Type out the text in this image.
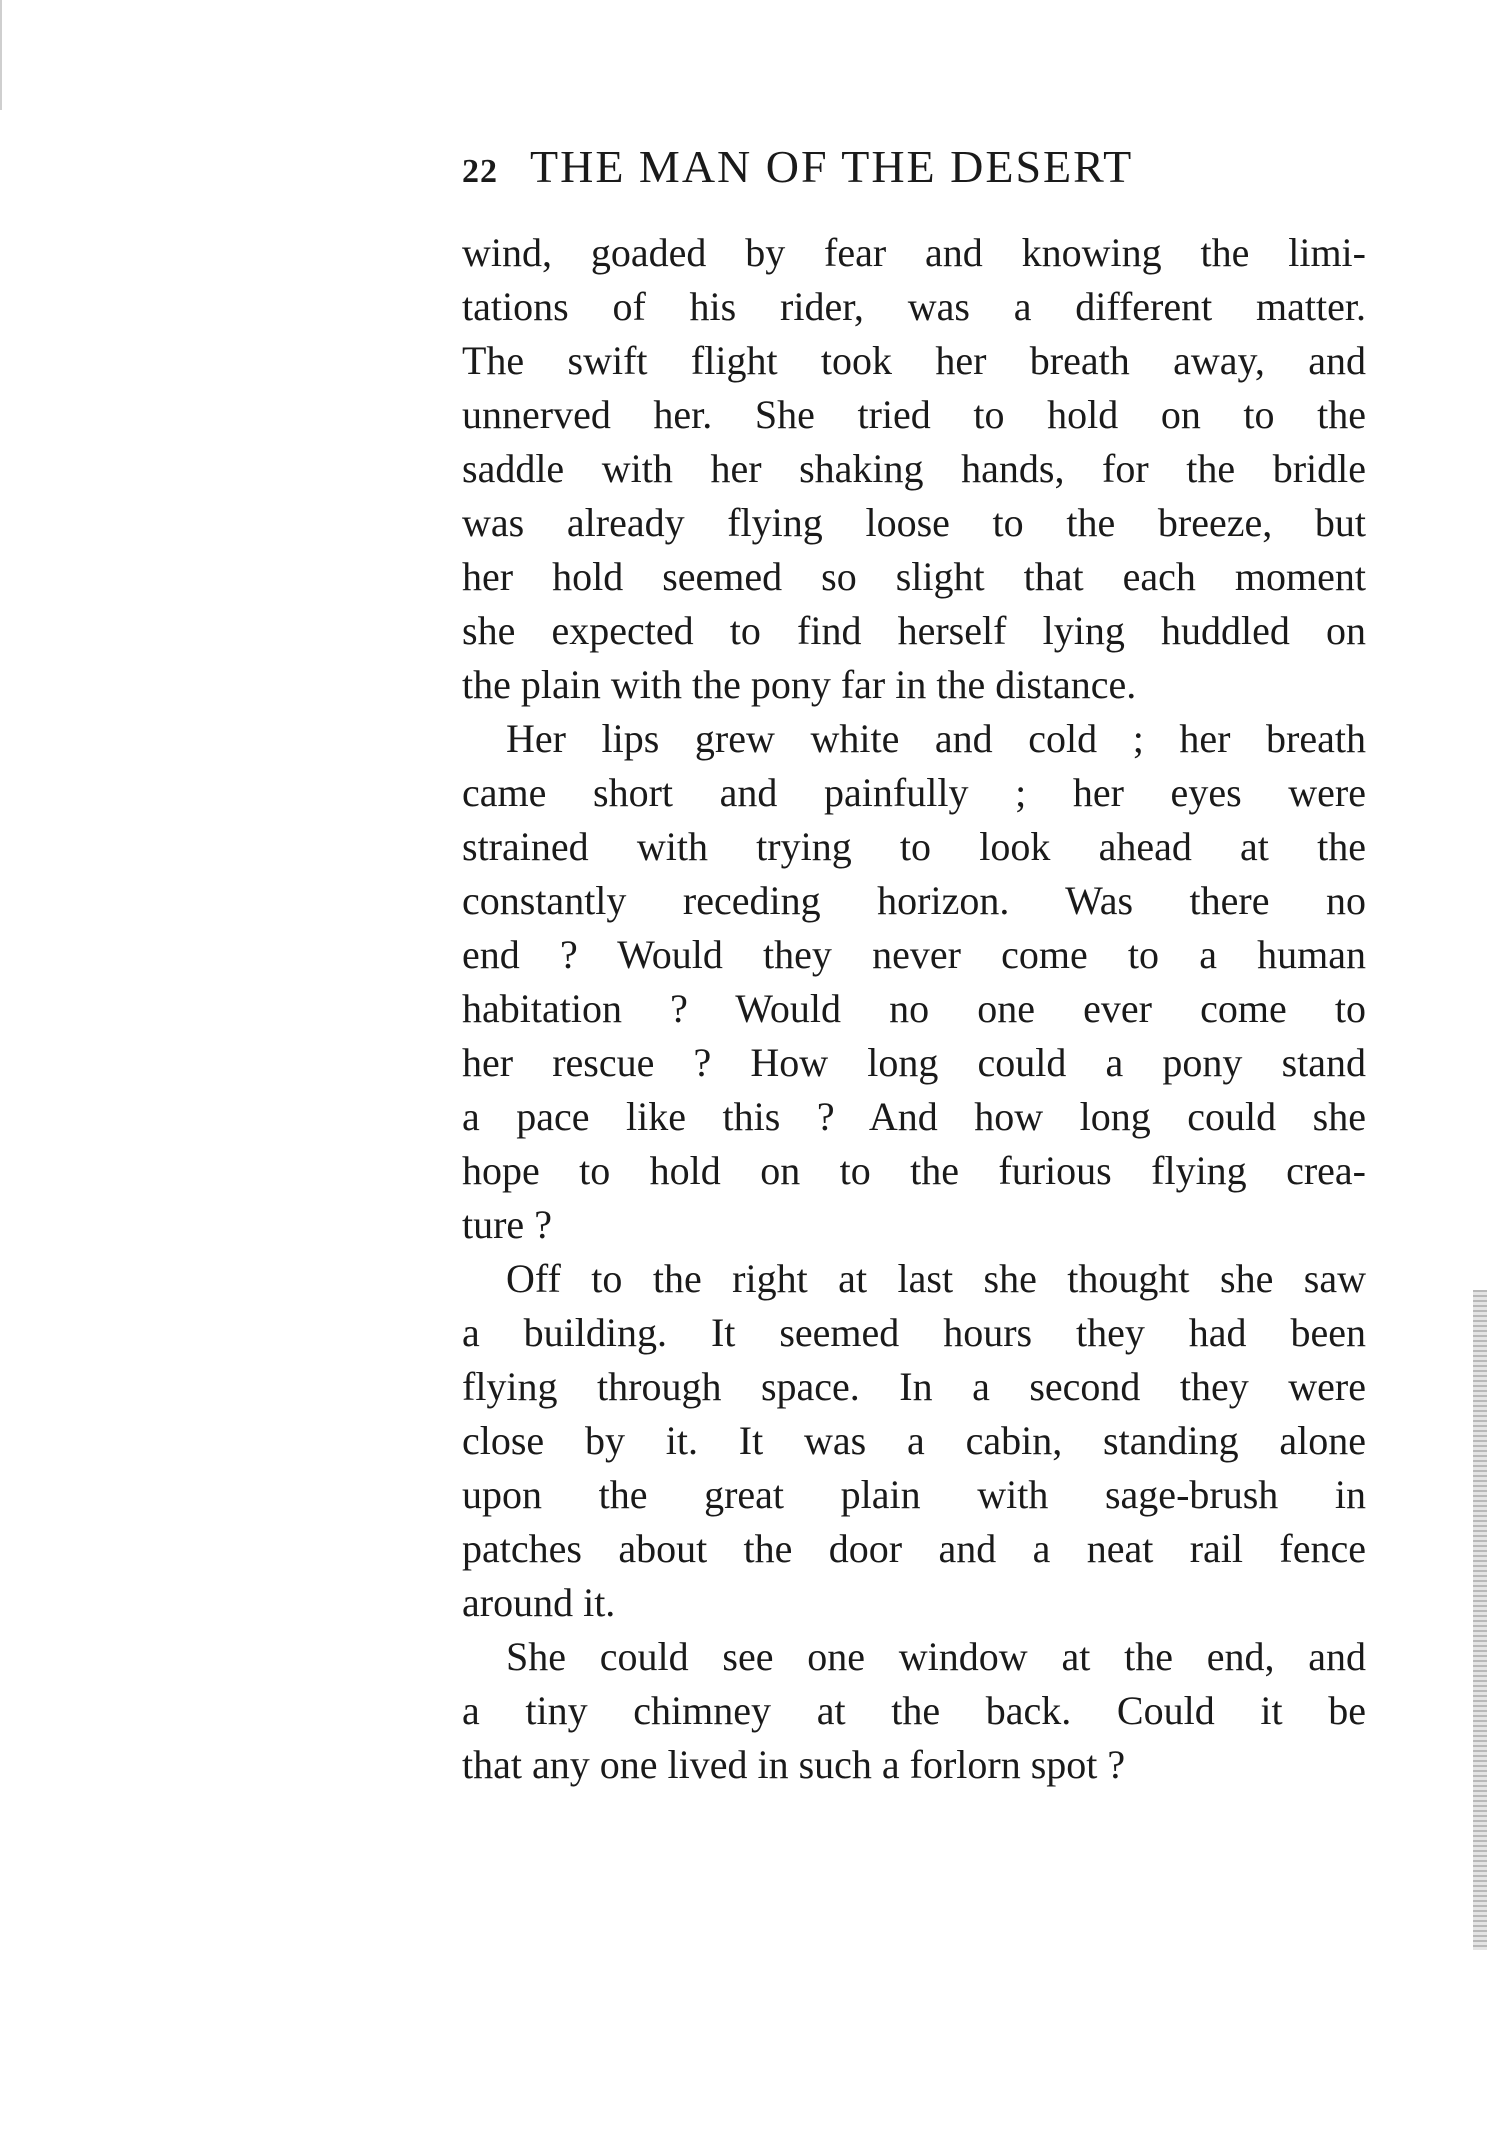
22 THE MAN OF THE DESERT
wind, goaded by fear and knowing the limi-
tations of his rider, was a different matter.
The swift flight took her breath away, and
unnerved her. She tried to hold on to the
saddle with her shaking hands, for the bridle
was already flying loose to the breeze, but
her hold seemed so slight that each moment
she expected to find herself lying huddled on
the plain with the pony far in the distance.
Her lips grew white and cold ; her breath
came short and painfully ; her eyes were
strained with trying to look ahead at the
constantly receding horizon. Was there no
end ? Would they never come to a human
habitation ? Would no one ever come to
her rescue ? How long could a pony stand
a pace like this ? And how long could she
hope to hold on to the furious flying crea-
ture ?
Off to the right at last she thought she saw
a building. It seemed hours they had been
flying through space. In a second they were
close by it. It was a cabin, standing alone
upon the great plain with sage-brush in
patches about the door and a neat rail fence
around it.
She could see one window at the end, and
a tiny chimney at the back. Could it be
that any one lived in such a forlorn spot ?
